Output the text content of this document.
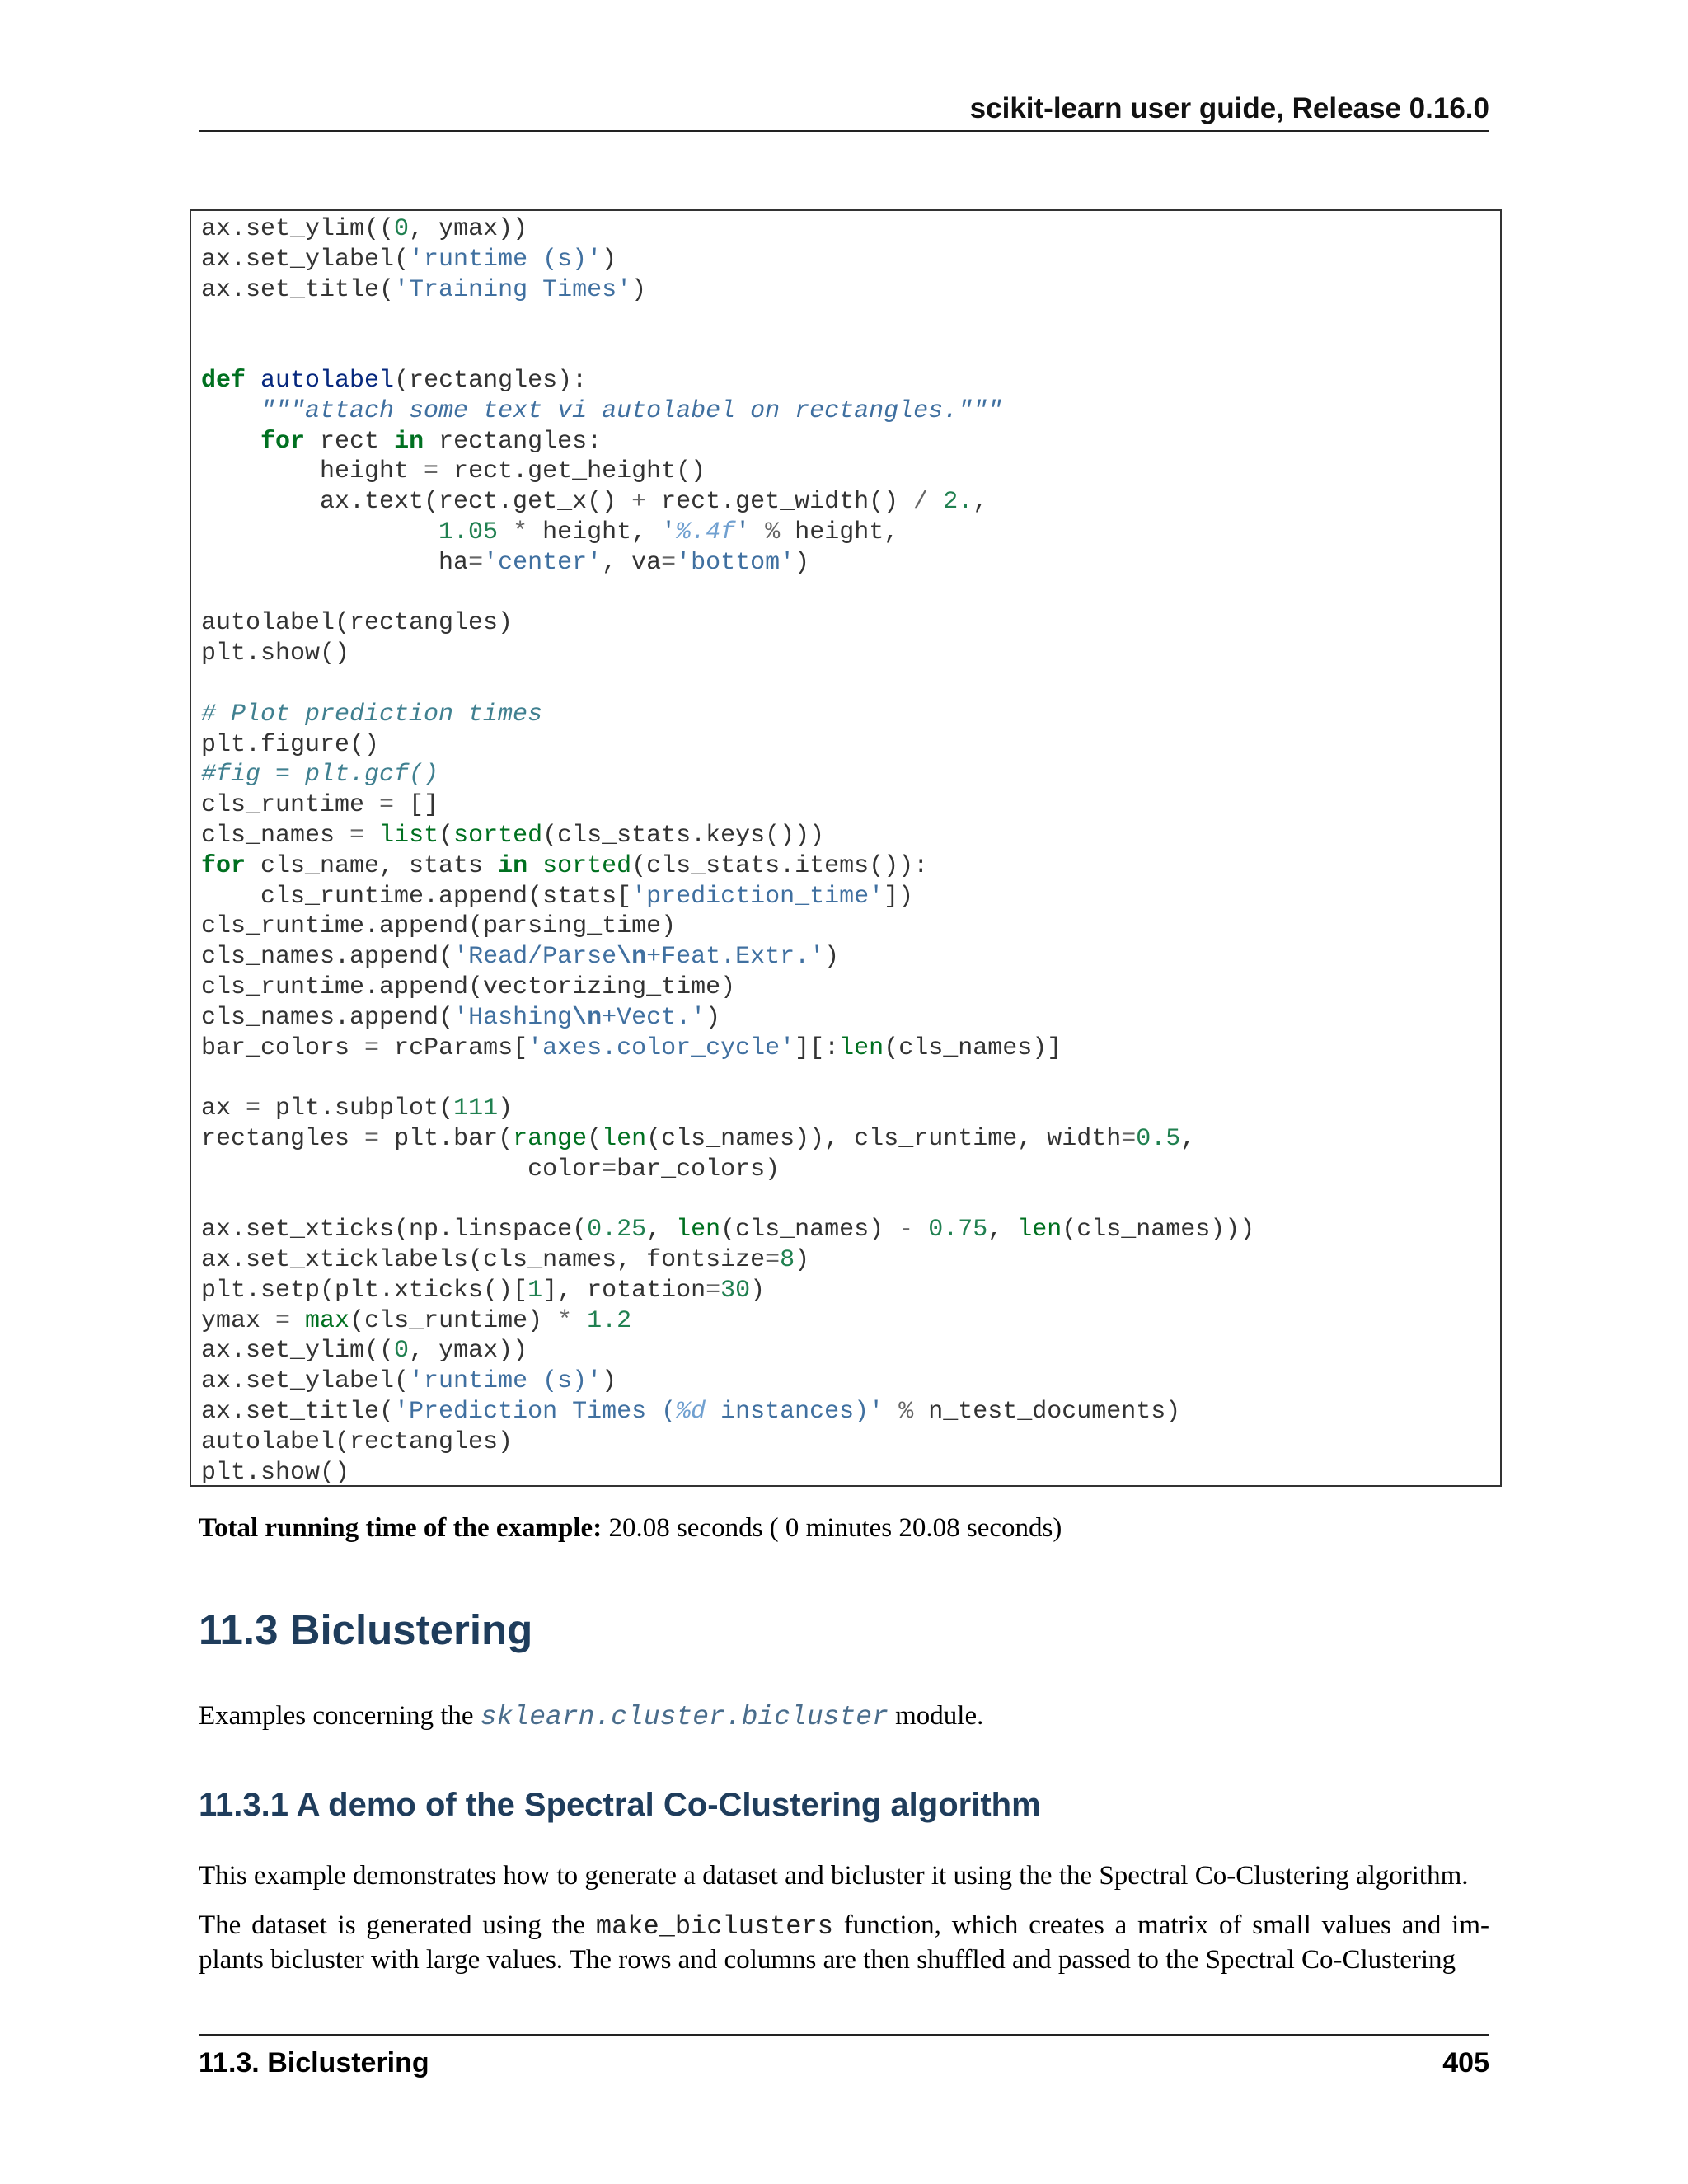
scikit-learn user guide, Release 0.16.0
ax.set_ylim((0, ymax))
ax.set_ylabel('runtime (s)')
ax.set_title('Training Times')

def autolabel(rectangles):
"""attach some text vi autolabel on rectangles."""
for rect in rectangles:
height = rect.get_height()
ax.text(rect.get_x() + rect.get_width() / 2.,
1.05 * height, '%.4f' % height,
ha='center', va='bottom')

autolabel(rectangles)
plt.show()

# Plot prediction times
plt.figure()
#fig = plt.gcf()
cls_runtime = []
cls_names = list(sorted(cls_stats.keys()))
for cls_name, stats in sorted(cls_stats.items()):
cls_runtime.append(stats['prediction_time'])
cls_runtime.append(parsing_time)
cls_names.append('Read/Parse\n+Feat.Extr.')
cls_runtime.append(vectorizing_time)
cls_names.append('Hashing\n+Vect.')
bar_colors = rcParams['axes.color_cycle'][:len(cls_names)]

ax = plt.subplot(111)
rectangles = plt.bar(range(len(cls_names)), cls_runtime, width=0.5,
color=bar_colors)

ax.set_xticks(np.linspace(0.25, len(cls_names) - 0.75, len(cls_names)))
ax.set_xticklabels(cls_names, fontsize=8)
plt.setp(plt.xticks()[1], rotation=30)
ymax = max(cls_runtime) * 1.2
ax.set_ylim((0, ymax))
ax.set_ylabel('runtime (s)')
ax.set_title('Prediction Times (%d instances)' % n_test_documents)
autolabel(rectangles)
plt.show()
Total running time of the example: 20.08 seconds ( 0 minutes 20.08 seconds)
11.3 Biclustering
Examples concerning the sklearn.cluster.bicluster module.
11.3.1 A demo of the Spectral Co-Clustering algorithm
This example demonstrates how to generate a dataset and bicluster it using the the Spectral Co-Clustering algorithm.
The dataset is generated using the make_biclusters function, which creates a matrix of small values and im-plants bicluster with large values. The rows and columns are then shuffled and passed to the Spectral Co-Clustering
11.3. Biclustering	405
